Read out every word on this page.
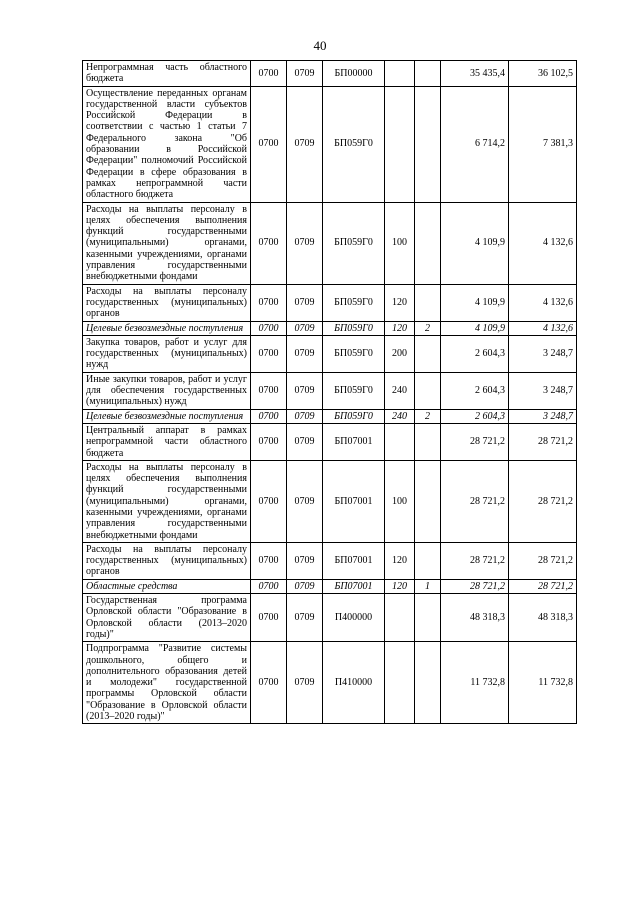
40
Непрограммная часть областного бюджета	0700	0709	БП00000			35 435,4	36 102,5
Осуществление переданных органам государственной власти субъектов Российской Федерации в соответствии с частью 1 статьи 7 Федерального закона "Об образовании в Российской Федерации" полномочий Российской Федерации в сфере образования в рамках непрограммной части областного бюджета	0700	0709	БП059Г0			6 714,2	7 381,3
Расходы на выплаты персоналу в целях обеспечения выполнения функций государственными (муниципальными) органами, казенными учреждениями, органами управления государственными внебюджетными фондами	0700	0709	БП059Г0	100		4 109,9	4 132,6
Расходы на выплаты персоналу государственных (муниципальных) органов	0700	0709	БП059Г0	120		4 109,9	4 132,6
Целевые безвозмездные поступления	0700	0709	БП059Г0	120	2	4 109,9	4 132,6
Закупка товаров, работ и услуг для государственных (муниципальных) нужд	0700	0709	БП059Г0	200		2 604,3	3 248,7
Иные закупки товаров, работ и услуг для обеспечения государственных (муниципальных) нужд	0700	0709	БП059Г0	240		2 604,3	3 248,7
Целевые безвозмездные поступления	0700	0709	БП059Г0	240	2	2 604,3	3 248,7
Центральный аппарат в рамках непрограммной части областного бюджета	0700	0709	БП07001			28 721,2	28 721,2
Расходы на выплаты персоналу в целях обеспечения выполнения функций государственными (муниципальными) органами, казенными учреждениями, органами управления государственными внебюджетными фондами	0700	0709	БП07001	100		28 721,2	28 721,2
Расходы на выплаты персоналу государственных (муниципальных) органов	0700	0709	БП07001	120		28 721,2	28 721,2
Областные средства	0700	0709	БП07001	120	1	28 721,2	28 721,2
Государственная программа Орловской области "Образование в Орловской области (2013–2020 годы)"	0700	0709	П400000			48 318,3	48 318,3
Подпрограмма "Развитие системы дошкольного, общего и дополнительного образования детей и молодежи" государственной программы Орловской области "Образование в Орловской области (2013–2020 годы)"	0700	0709	П410000			11 732,8	11 732,8
